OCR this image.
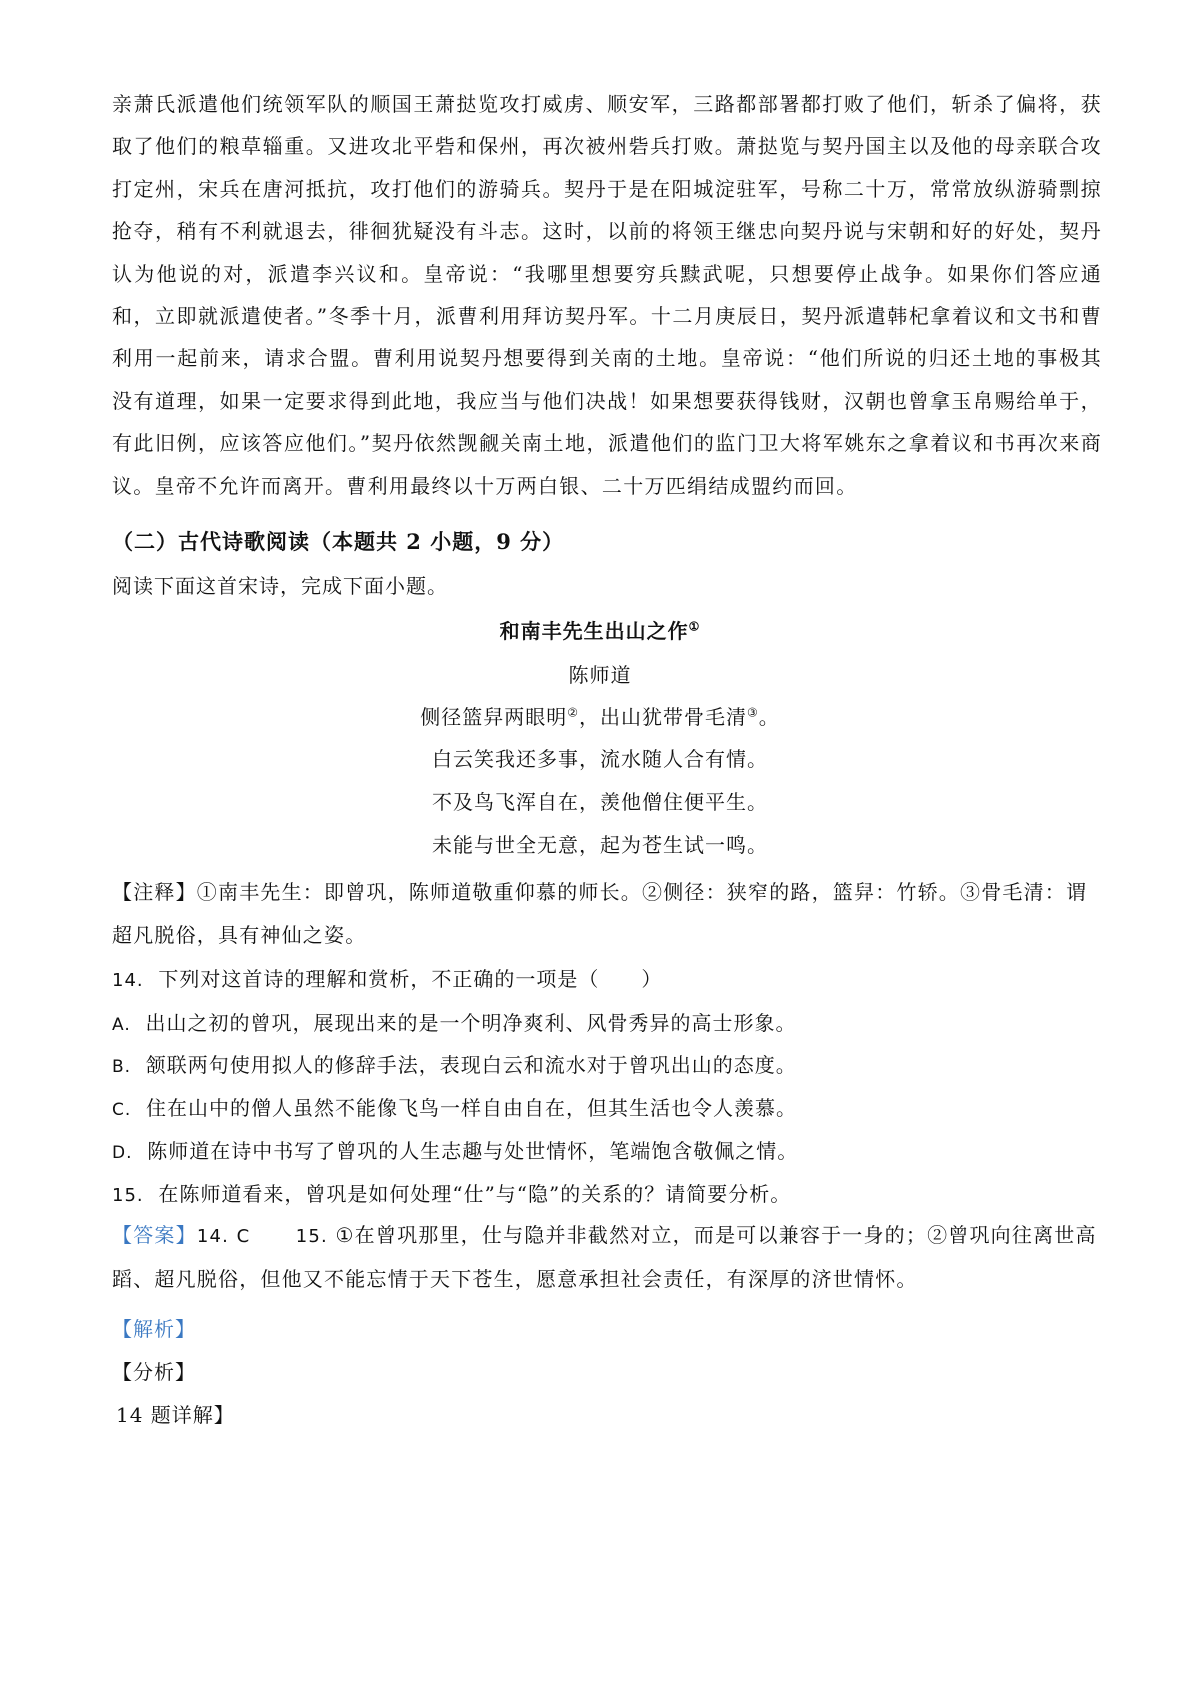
亲萧氏派遣他们统领军队的顺国王萧挞览攻打威虏、顺安军，三路都部署都打败了他们，斩杀了偏将，获取了他们的粮草辎重。又进攻北平砦和保州，再次被州砦兵打败。萧挞览与契丹国主以及他的母亲联合攻打定州，宋兵在唐河抵抗，攻打他们的游骑兵。契丹于是在阳城淀驻军，号称二十万，常常放纵游骑剽掠抢夺，稍有不利就退去，徘徊犹疑没有斗志。这时，以前的将领王继忠向契丹说与宋朝和好的好处，契丹认为他说的对，派遣李兴议和。皇帝说：“我哪里想要穷兵黩武呢，只想要停止战争。如果你们答应通和，立即就派遣使者。”冬季十月，派曹利用拜访契丹军。十二月庚辰日，契丹派遣韩杞拿着议和文书和曹利用一起前来，请求合盟。曹利用说契丹想要得到关南的土地。皇帝说：“他们所说的归还土地的事极其没有道理，如果一定要求得到此地，我应当与他们决战！如果想要获得钱财，汉朝也曾拿玉帛赐给单于，有此旧例，应该答应他们。”契丹依然觊觎关南土地，派遣他们的监门卫大将军姚东之拿着议和书再次来商议。皇帝不允许而离开。曹利用最终以十万两白银、二十万匹绢结成盟约而回。

（二）古代诗歌阅读（本题共 2 小题，9 分）
阅读下面这首宋诗，完成下面小题。
和南丰先生出山之作①
陈师道
侧径篮舁两眼明②，出山犹带骨毛清③。
白云笑我还多事，流水随人合有情。
不及鸟飞浑自在，羡他僧住便平生。
未能与世全无意，起为苍生试一鸣。

【注释】①南丰先生：即曾巩，陈师道敬重仰慕的师长。②侧径：狭窄的路，篮舁：竹轿。③骨毛清：谓超凡脱俗，具有神仙之姿。

14. 下列对这首诗的理解和赏析，不正确的一项是（　　）
A. 出山之初的曾巩，展现出来的是一个明净爽利、风骨秀异的高士形象。
B. 颔联两句使用拟人的修辞手法，表现白云和流水对于曾巩出山的态度。
C. 住在山中的僧人虽然不能像飞鸟一样自由自在，但其生活也令人羡慕。
D. 陈师道在诗中书写了曾巩的人生志趣与处世情怀，笔端饱含敬佩之情。
15. 在陈师道看来，曾巩是如何处理“仕”与“隐”的关系的？请简要分析。

【答案】14. C	15. ①在曾巩那里，仕与隐并非截然对立，而是可以兼容于一身的；②曾巩向往离世高蹈、超凡脱俗，但他又不能忘情于天下苍生，愿意承担社会责任，有深厚的济世情怀。

【解析】
【分析】
14 题详解】
